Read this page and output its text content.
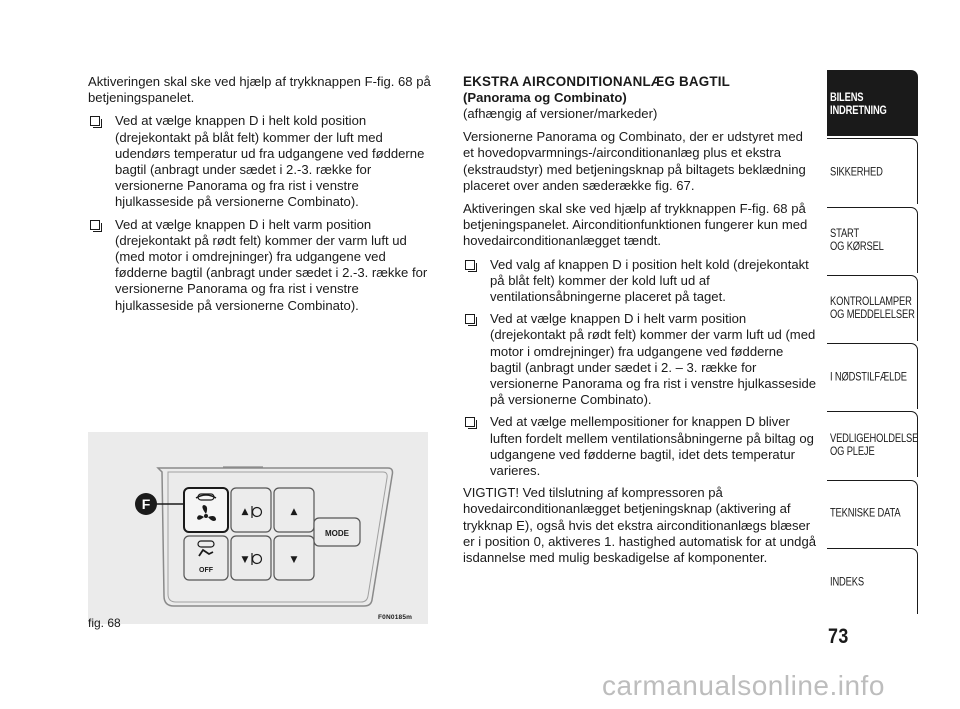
Aktiveringen skal ske ved hjælp af trykknappen F-fig. 68 på betjeningspanelet.

Ved at vælge knappen D i helt kold position (drejekontakt på blåt felt) kommer der luft med udendørs temperatur ud fra udgangene ved fødderne bagtil (anbragt under sædet i 2.-3. række for versionerne Panorama og fra rist i venstre hjulkasseside på versionerne Combinato).
Ved at vælge knappen D i helt varm position (drejekontakt på rødt felt) kommer der varm luft ud (med motor i omdrejninger) fra udgangene ved fødderne bagtil (anbragt under sædet i 2.-3. række for versionerne Panorama og fra rist i venstre hjulkasseside på versionerne Combinato).
EKSTRA AIRCONDITIONANLÆG BAGTIL
(Panorama og Combinato)
(afhængig af versioner/markeder)

Versionerne Panorama og Combinato, der er udstyret med et hovedopvarmnings-/airconditionanlæg plus et ekstra (ekstraudstyr) med betjeningsknap på biltagets beklædning placeret over anden sæderække fig. 67.

Aktiveringen skal ske ved hjælp af trykknappen F-fig. 68 på betjeningspanelet. Airconditionfunktionen fungerer kun med hovedairconditionanlægget tændt.

Ved valg af knappen D i position helt kold (drejekontakt på blåt felt) kommer der kold luft ud af ventilationsåbningerne placeret på taget.
Ved at vælge knappen D i helt varm position (drejekontakt på rødt felt) kommer der varm luft ud (med motor i omdrejninger) fra udgangene ved fødderne bagtil (anbragt under sædet i 2. – 3. række for versionerne Panorama og fra rist i venstre hjulkasseside på versionerne Combinato).
Ved at vælge mellempositioner for knappen D bliver luften fordelt mellem ventilationsåbningerne på biltag og udgangene ved fødderne bagtil, idet dets temperatur varieres.

VIGTIGT! Ved tilslutning af kompressoren på hovedairconditionanlægget betjeningsknap (aktivering af trykknap E), også hvis det ekstra airconditionanlægs blæser er i position 0, aktiveres 1. hastighed automatisk for at undgå isdannelse med mulig beskadigelse af komponenter.

F
OFF
▲
▼
▲
▼
MODE
fig. 68	F0N0185m
BILENS
INDRETNING
SIKKERHED
START
OG KØRSEL
KONTROLLAMPER
OG MEDDELELSER
I NØDSTILFÆLDE
VEDLIGEHOLDELSE
OG PLEJE
TEKNISKE DATA
INDEKS
73
carmanualsonline.info
